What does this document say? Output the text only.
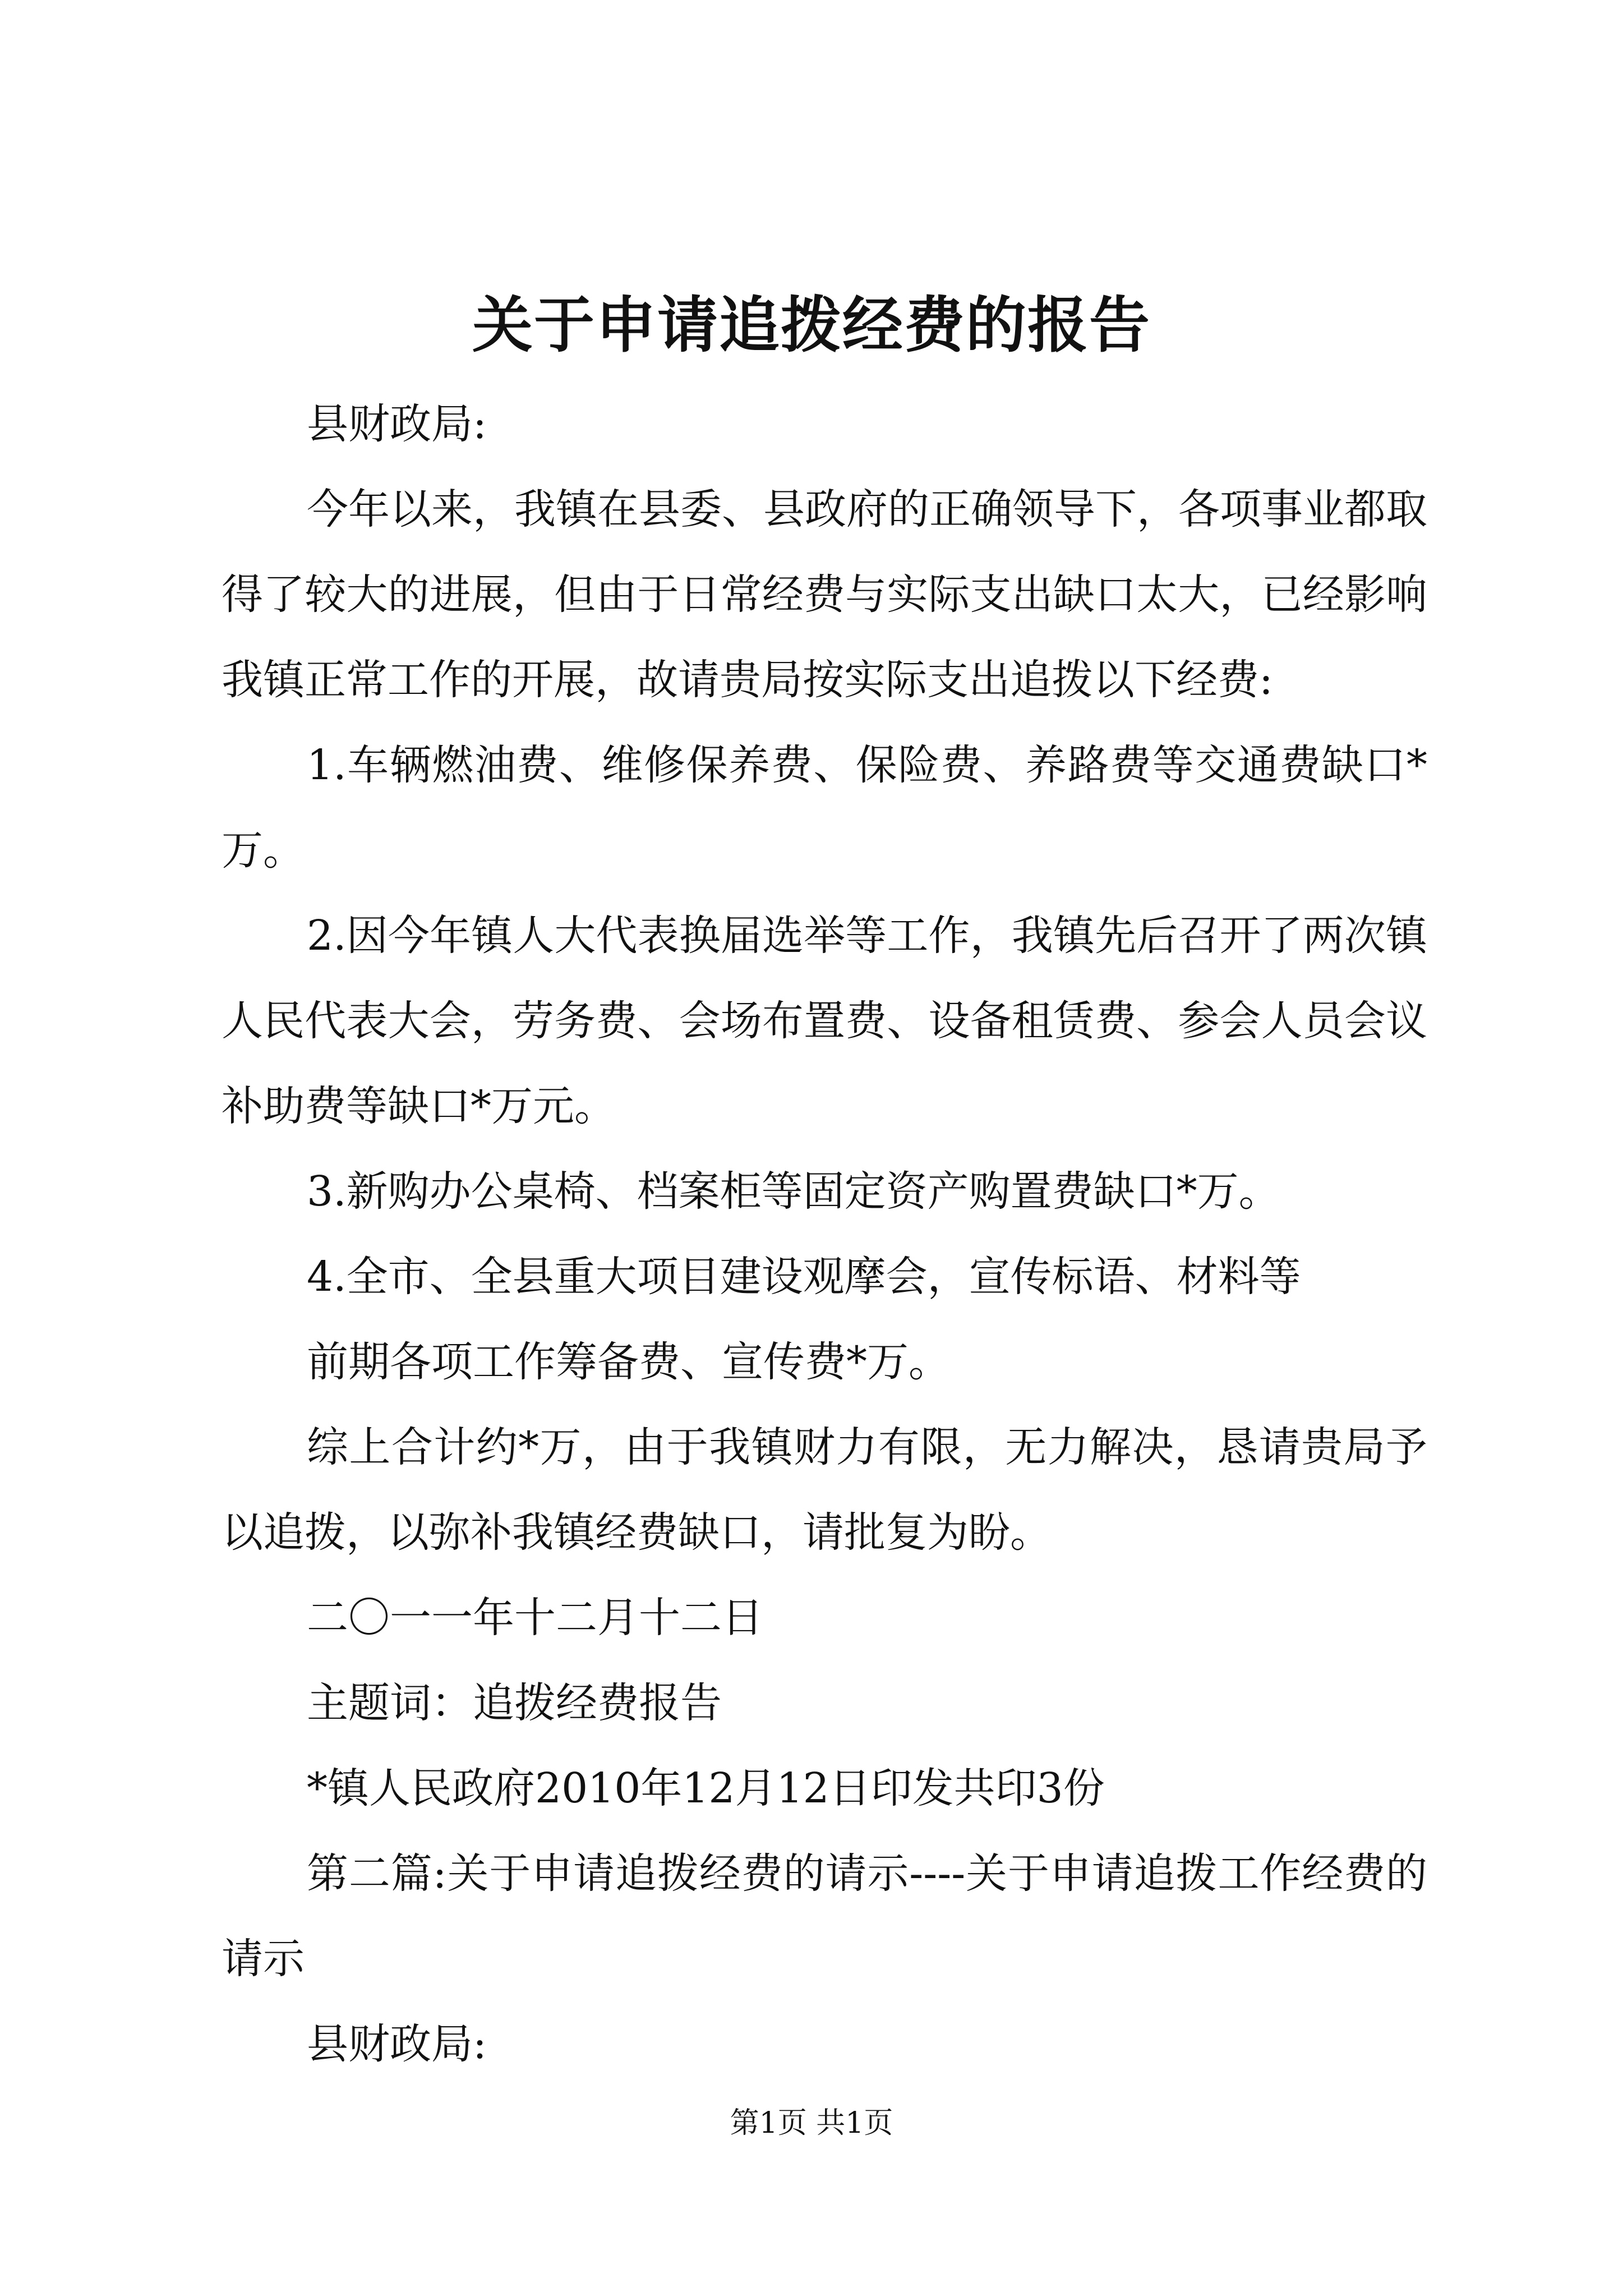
关于申请追拨经费的报告

县财政局:

今年以来，我镇在县委、县政府的正确领导下，各项事业都取得了较大的进展，但由于日常经费与实际支出缺口太大，已经影响我镇正常工作的开展，故请贵局按实际支出追拨以下经费:

1.车辆燃油费、维修保养费、保险费、养路费等交通费缺口*万。

2.因今年镇人大代表换届选举等工作，我镇先后召开了两次镇人民代表大会，劳务费、会场布置费、设备租赁费、参会人员会议补助费等缺口*万元。

3.新购办公桌椅、档案柜等固定资产购置费缺口*万。

4.全市、全县重大项目建设观摩会，宣传标语、材料等

前期各项工作筹备费、宣传费*万。

综上合计约*万，由于我镇财力有限，无力解决，恳请贵局予以追拨，以弥补我镇经费缺口，请批复为盼。

二〇一一年十二月十二日

主题词：追拨经费报告

*镇人民政府2010年12月12日印发共印3份

第二篇:关于申请追拨经费的请示----关于申请追拨工作经费的请示

县财政局:

第1页 共1页
